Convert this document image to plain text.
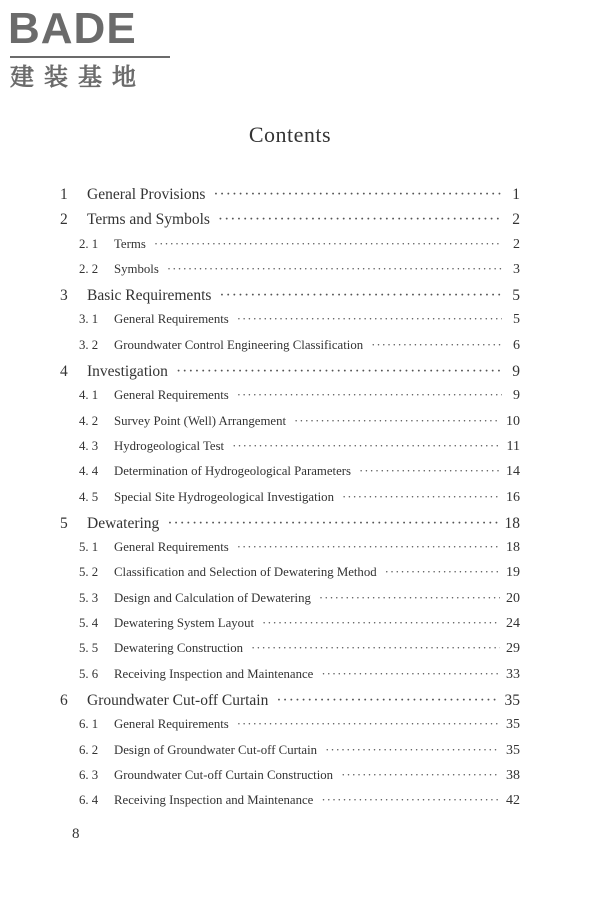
BADE
建装基地
Contents
1	General Provisions ·····	1
2	Terms and Symbols ·····	2
2. 1	Terms ·····	2
2. 2	Symbols ·····	3
3	Basic Requirements ·····	5
3. 1	General Requirements ·····	5
3. 2	Groundwater Control Engineering Classification ·····	6
4	Investigation ·····	9
4. 1	General Requirements ·····	9
4. 2	Survey Point (Well) Arrangement ·····	10
4. 3	Hydrogeological Test ·····	11
4. 4	Determination of Hydrogeological Parameters ·····	14
4. 5	Special Site Hydrogeological Investigation ·····	16
5	Dewatering ·····	18
5. 1	General Requirements ·····	18
5. 2	Classification and Selection of Dewatering Method ·····	19
5. 3	Design and Calculation of Dewatering ·····	20
5. 4	Dewatering System Layout ·····	24
5. 5	Dewatering Construction ·····	29
5. 6	Receiving Inspection and Maintenance ·····	33
6	Groundwater Cut-off Curtain ·····	35
6. 1	General Requirements ·····	35
6. 2	Design of Groundwater Cut-off Curtain ·····	35
6. 3	Groundwater Cut-off Curtain Construction ·····	38
6. 4	Receiving Inspection and Maintenance ·····	42
8
